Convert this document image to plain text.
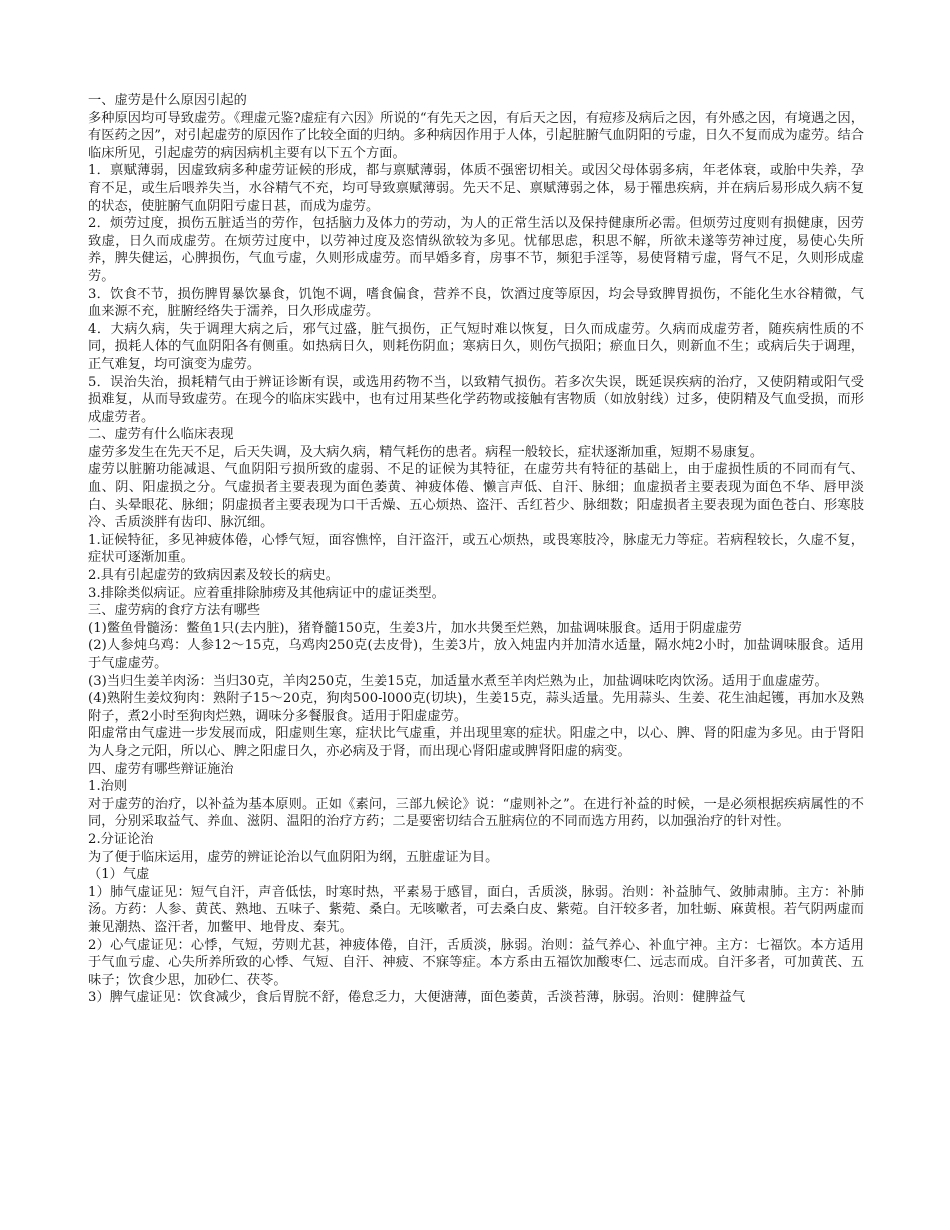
一、虚劳是什么原因引起的

多种原因均可导致虚劳。《理虚元鉴?虚症有六因》所说的“有先天之因，有后天之因，有痘疹及病后之因，有外感之因，有境遇之因，有医药之因”，对引起虚劳的原因作了比较全面的归纳。多种病因作用于人体，引起脏腑气血阴阳的亏虚，日久不复而成为虚劳。结合临床所见，引起虚劳的病因病机主要有以下五个方面。

1．禀赋薄弱，因虚致病多种虚劳证候的形成，都与禀赋薄弱，体质不强密切相关。或因父母体弱多病，年老体衰，或胎中失养，孕育不足，或生后喂养失当，水谷精气不充，均可导致禀赋薄弱。先天不足、禀赋薄弱之体，易于罹患疾病，并在病后易形成久病不复的状态，使脏腑气血阴阳亏虚日甚，而成为虚劳。

2．烦劳过度，损伤五脏适当的劳作，包括脑力及体力的劳动，为人的正常生活以及保持健康所必需。但烦劳过度则有损健康，因劳致虚，日久而成虚劳。在烦劳过度中，以劳神过度及恣情纵欲较为多见。忧郁思虑，积思不解，所欲未遂等劳神过度，易使心失所养，脾失健运，心脾损伤，气血亏虚，久则形成虚劳。而早婚多育，房事不节，频犯手淫等，易使肾精亏虚，肾气不足，久则形成虚劳。

3．饮食不节，损伤脾胃暴饮暴食，饥饱不调，嗜食偏食，营养不良，饮酒过度等原因，均会导致脾胃损伤，不能化生水谷精微，气血来源不充，脏腑经络失于濡养，日久形成虚劳。

4．大病久病，失于调理大病之后，邪气过盛，脏气损伤，正气短时难以恢复，日久而成虚劳。久病而成虚劳者，随疾病性质的不同，损耗人体的气血阴阳各有侧重。如热病日久，则耗伤阴血；寒病日久，则伤气损阳；瘀血日久，则新血不生；或病后失于调理，正气难复，均可演变为虚劳。

5．误治失治，损耗精气由于辨证诊断有误，或选用药物不当，以致精气损伤。若多次失误，既延误疾病的治疗，又使阴精或阳气受损难复，从而导致虚劳。在现今的临床实践中，也有过用某些化学药物或接触有害物质（如放射线）过多，使阴精及气血受损，而形成虚劳者。

二、虚劳有什么临床表现

虚劳多发生在先天不足，后天失调，及大病久病，精气耗伤的患者。病程一般较长，症状逐渐加重，短期不易康复。

虚劳以脏腑功能减退、气血阴阳亏损所致的虚弱、不足的证候为其特征，在虚劳共有特征的基础上，由于虚损性质的不同而有气、血、阴、阳虚损之分。气虚损者主要表现为面色萎黄、神疲体倦、懒言声低、自汗、脉细；血虚损者主要表现为面色不华、唇甲淡白、头晕眼花、脉细；阴虚损者主要表现为口干舌燥、五心烦热、盗汗、舌红苔少、脉细数；阳虚损者主要表现为面色苍白、形寒肢冷、舌质淡胖有齿印、脉沉细。

1.证候特征，多见神疲体倦，心悸气短，面容憔悴，自汗盗汗，或五心烦热，或畏寒肢冷，脉虚无力等症。若病程较长，久虚不复，症状可逐渐加重。

2.具有引起虚劳的致病因素及较长的病史。

3.排除类似病证。应着重排除肺痨及其他病证中的虚证类型。

三、虚劳病的食疗方法有哪些

(1)鳖鱼骨髓汤：鳖鱼1只(去内脏)，猪脊髓150克，生姜3片，加水共煲至烂熟，加盐调味服食。适用于阴虚虚劳

(2)人参炖乌鸡：人参12～15克，乌鸡肉250克(去皮骨)，生姜3片，放入炖盅内并加清水适量，隔水炖2小时，加盐调味服食。适用于气虚虚劳。

(3)当归生姜羊肉汤：当归30克，羊肉250克，生姜15克，加适量水煮至羊肉烂熟为止，加盐调味吃肉饮汤。适用于血虚虚劳。

(4)熟附生姜炆狗肉：熟附子15～20克，狗肉500-l000克(切块)，生姜15克，蒜头适量。先用蒜头、生姜、花生油起镬，再加水及熟附子，煮2小时至狗肉烂熟，调味分多餐服食。适用于阳虚虚劳。

阳虚常由气虚进一步发展而成，阳虚则生寒，症状比气虚重，并出现里寒的症状。阳虚之中，以心、脾、肾的阳虚为多见。由于肾阳为人身之元阳，所以心、脾之阳虚日久，亦必病及于肾，而出现心肾阳虚或脾肾阳虚的病变。

四、虚劳有哪些辩证施治

1.治则

对于虚劳的治疗，以补益为基本原则。正如《素问，三部九候论》说：“虚则补之”。在进行补益的时候，一是必须根据疾病属性的不同，分别采取益气、养血、滋阴、温阳的治疗方药；二是要密切结合五脏病位的不同而选方用药，以加强治疗的针对性。

2.分证论治

为了便于临床运用，虚劳的辨证论治以气血阴阳为纲，五脏虚证为目。

（1）气虚

1）肺气虚证见：短气自汗，声音低怯，时寒时热，平素易于感冒，面白，舌质淡，脉弱。治则：补益肺气、敛肺肃肺。主方：补肺汤。方药：人参、黄芪、熟地、五味子、紫菀、桑白。无咳嗽者，可去桑白皮、紫菀。自汗较多者，加牡蛎、麻黄根。若气阴两虚而兼见潮热、盗汗者，加鳖甲、地骨皮、秦艽。

2）心气虚证见：心悸，气短，劳则尤甚，神疲体倦，自汗，舌质淡，脉弱。治则：益气养心、补血宁神。主方：七福饮。本方适用于气血亏虚、心失所养所致的心悸、气短、自汗、神疲、不寐等症。本方系由五福饮加酸枣仁、远志而成。自汗多者，可加黄芪、五味子；饮食少思，加砂仁、茯苓。

3）脾气虚证见：饮食减少，食后胃脘不舒，倦怠乏力，大便溏薄，面色萎黄，舌淡苔薄，脉弱。治则：健脾益气
